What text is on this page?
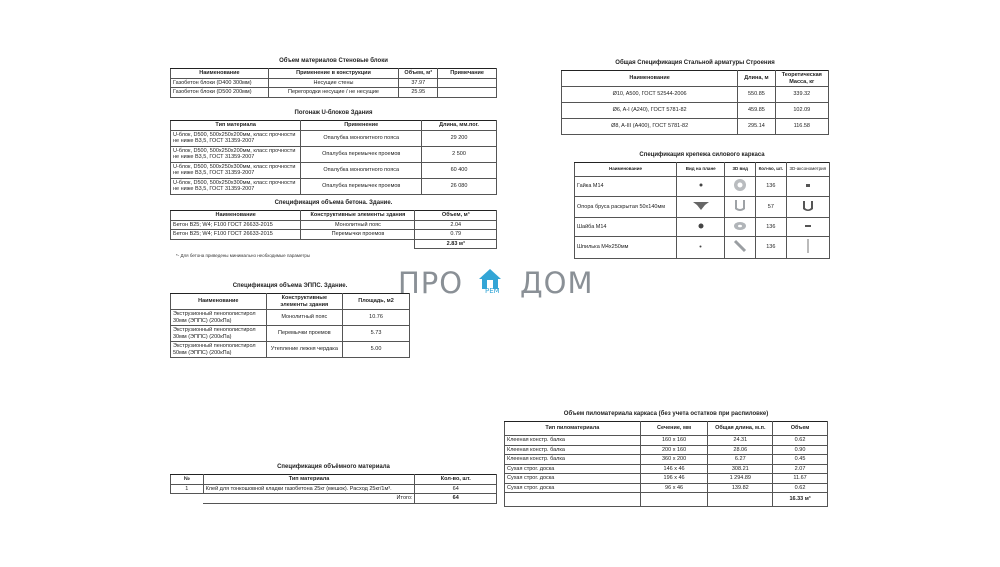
Объем материалов Стеновые блоки
Наименование	Применение в конструкции	Объем, м³	Примечание
Газобетон блоки (D400 300мм)	Несущие стены	37.97	
Газобетон блоки (D500 200мм)	Перегородки несущие / не несущие	25.95	
Погонаж U-блоков Здания
Тип материала	Применение	Длина, мм.пог.
U-блок, D500, 500x250x200мм, класс прочности не ниже B3,5, ГОСТ 31359-2007	Опалубка монолитного пояса	29 200
U-блок, D500, 500x250x200мм, класс прочности не ниже B3,5, ГОСТ 31359-2007	Опалубка перемычек проемов	2 500
U-блок, D500, 500x250x300мм, класс прочности не ниже B3,5, ГОСТ 31359-2007	Опалубка монолитного пояса	60 400
U-блок, D500, 500x250x300мм, класс прочности не ниже B3,5, ГОСТ 31359-2007	Опалубка перемычек проемов	26 080
Спецификация объема бетона. Здание.
Наименование	Конструктивные элементы здания	Объем, м³
Бетон B25; W4; F100 ГОСТ 26633-2015	Монолитный пояс	2.04
Бетон B25; W4; F100 ГОСТ 26633-2015	Перемычки проемов	0.79
		2.83 м³
*- Для бетона приведены минимально необходимые параметры
Спецификация объема ЭППС. Здание.
Наименование	Конструктивные элементы здания	Площадь, м2
Экструзионный пенополистирол 30мм (ЭППС) (200кПа)	Монолитный пояс	10.76
Экструзионный пенополистирол 30мм (ЭППС) (200кПа)	Перемычки проемов	5.73
Экструзионный пенополистирол 50мм (ЭППС) (200кПа)	Утепление лежня чердака	5.00
Спецификация объёмного материала
№	Тип материала	Кол-во, шт.
1	Клей для тонкошовной кладки газобетона 25кг (мешок). Расход 25кг/1м³.	64
	Итого:	64
Общая Спецификация Стальной арматуры Строения
Наименование	Длина, м	Теоретическая Масса, кг
Ø10, A500, ГОСТ 52544-2006	550.85	339.32
Ø6, A-I (A240), ГОСТ 5781-82	459.85	102.09
Ø8, A-III (A400), ГОСТ 5781-82	295.14	116.58
Спецификация крепежа силового каркаса
Наименование	Вид на плане	3D вид	Кол-во, шт.	3D-аксонометрия
Гайка М14			136	
Опора бруса раскрытая 50х140мм			57	
Шайба М14			136	
Шпилька М4х250мм			136	
Объем пиломатериала каркаса (без учета остатков при распиловке)
Тип пиломатериала	Сечение, мм	Общая длина, м.п.	Объем
Клееная констр. балка	160 x 160	24.31	0.62
Клееная констр. балка	200 x 160	28.06	0.90
Клееная констр. балка	360 x 200	6.27	0.45
Сухая строг. доска	146 x 46	308.21	2.07
Сухая строг. доска	196 x 46	1 294.89	11.67
Сухая строг. доска	96 x 46	139.82	0.62
			16.33 м³
ПРО	РЕМ ДОМ
